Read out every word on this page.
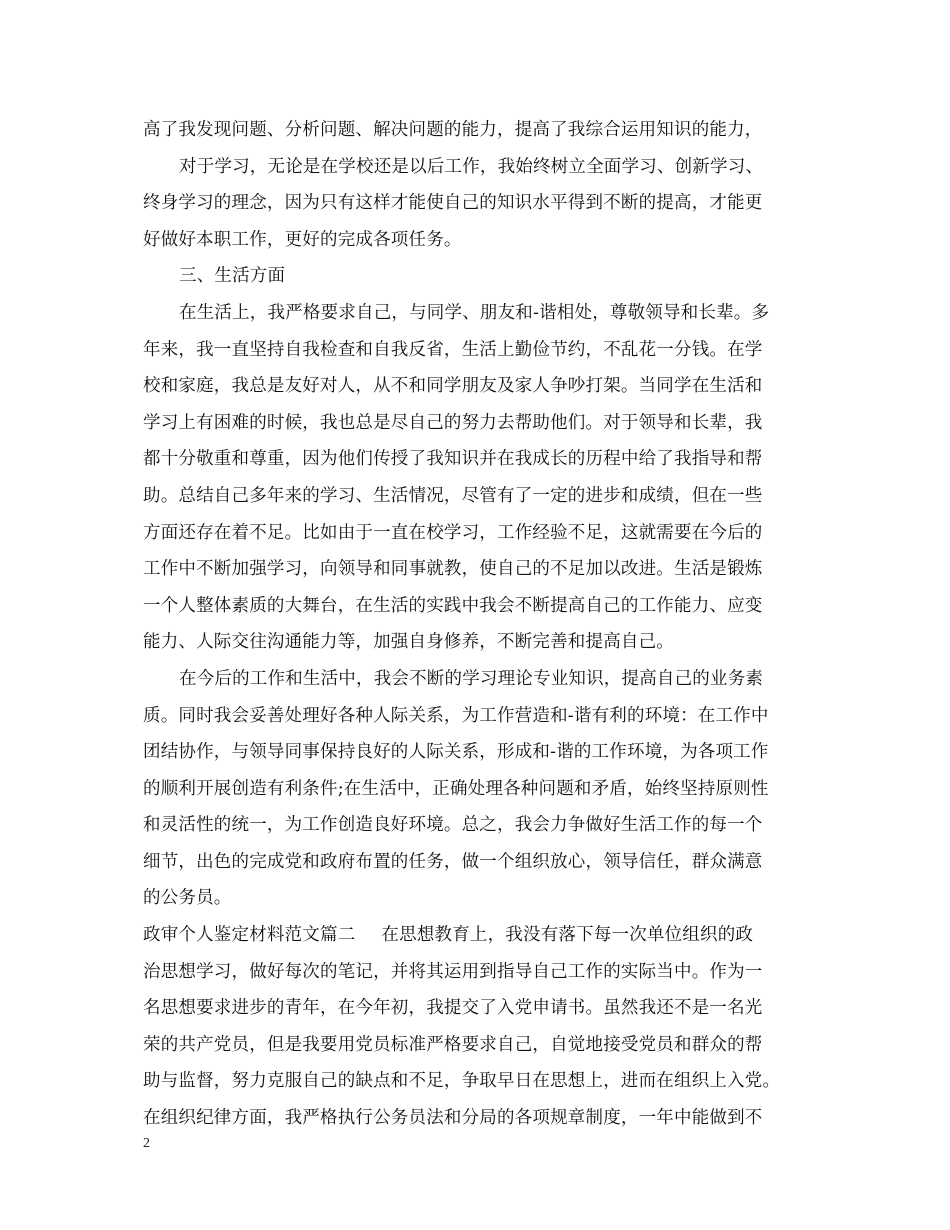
高了我发现问题、分析问题、解决问题的能力，提高了我综合运用知识的能力，
对于学习，无论是在学校还是以后工作，我始终树立全面学习、创新学习、
终身学习的理念，因为只有这样才能使自己的知识水平得到不断的提高，才能更
好做好本职工作，更好的完成各项任务。
三、生活方面
在生活上，我严格要求自己，与同学、朋友和-谐相处，尊敬领导和长辈。多
年来，我一直坚持自我检查和自我反省，生活上勤俭节约，不乱花一分钱。在学
校和家庭，我总是友好对人，从不和同学朋友及家人争吵打架。当同学在生活和
学习上有困难的时候，我也总是尽自己的努力去帮助他们。对于领导和长辈，我
都十分敬重和尊重，因为他们传授了我知识并在我成长的历程中给了我指导和帮
助。总结自己多年来的学习、生活情况，尽管有了一定的进步和成绩，但在一些
方面还存在着不足。比如由于一直在校学习，工作经验不足，这就需要在今后的
工作中不断加强学习，向领导和同事就教，使自己的不足加以改进。生活是锻炼
一个人整体素质的大舞台，在生活的实践中我会不断提高自己的工作能力、应变
能力、人际交往沟通能力等，加强自身修养，不断完善和提高自己。
在今后的工作和生活中，我会不断的学习理论专业知识，提高自己的业务素
质。同时我会妥善处理好各种人际关系，为工作营造和-谐有利的环境：在工作中
团结协作，与领导同事保持良好的人际关系，形成和-谐的工作环境，为各项工作
的顺利开展创造有利条件;在生活中，正确处理各种问题和矛盾，始终坚持原则性
和灵活性的统一，为工作创造良好环境。总之，我会力争做好生活工作的每一个
细节，出色的完成党和政府布置的任务，做一个组织放心，领导信任，群众满意
的公务员。
政审个人鉴定材料范文篇二 在思想教育上，我没有落下每一次单位组织的政
治思想学习，做好每次的笔记，并将其运用到指导自己工作的实际当中。作为一
名思想要求进步的青年，在今年初，我提交了入党申请书。虽然我还不是一名光
荣的共产党员，但是我要用党员标准严格要求自己，自觉地接受党员和群众的帮
助与监督，努力克服自己的缺点和不足，争取早日在思想上，进而在组织上入党。
在组织纪律方面，我严格执行公务员法和分局的各项规章制度，一年中能做到不
2
